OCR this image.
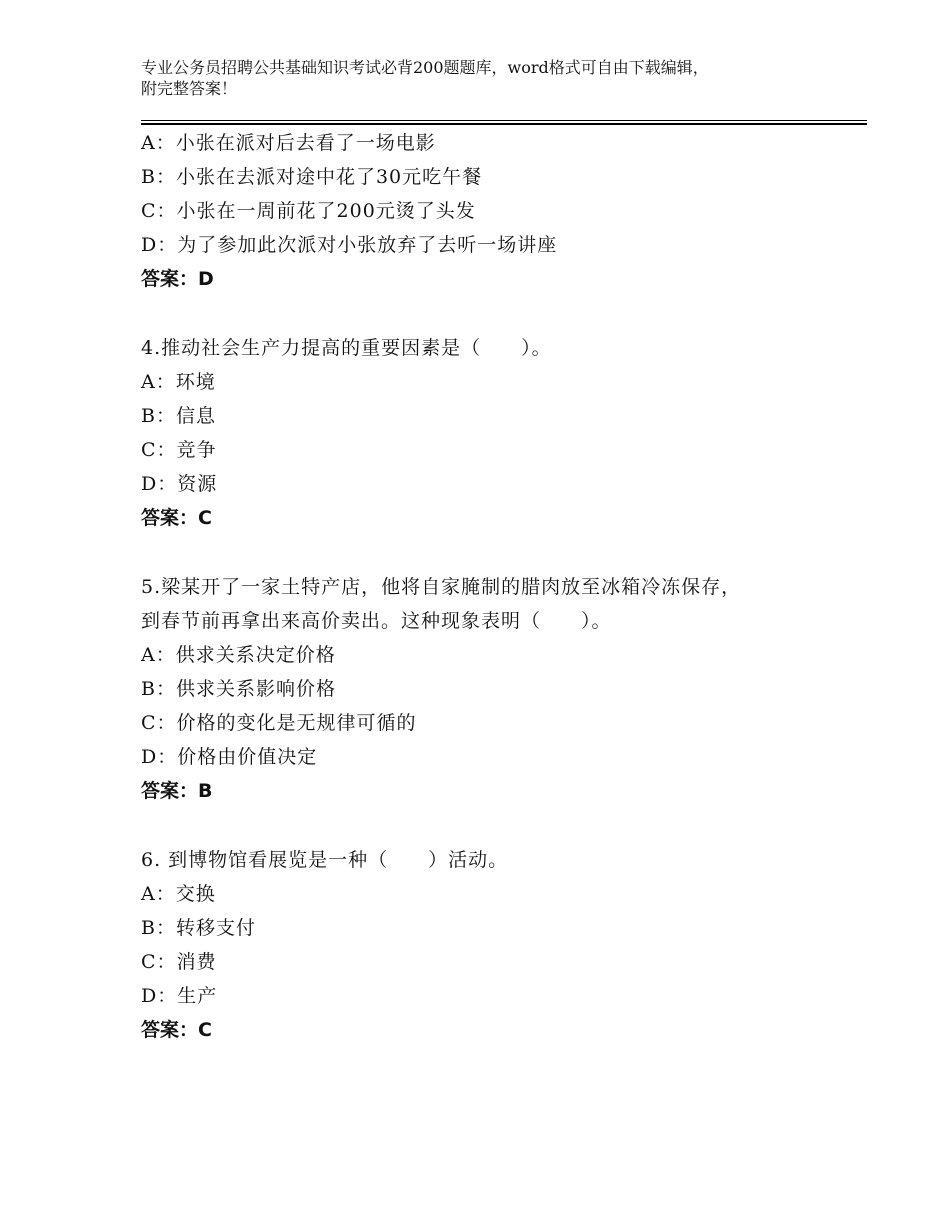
专业公务员招聘公共基础知识考试必背200题题库，word格式可自由下载编辑，
附完整答案！
A：小张在派对后去看了一场电影
B：小张在去派对途中花了30元吃午餐
C：小张在一周前花了200元烫了头发
D：为了参加此次派对小张放弃了去听一场讲座
答案：D
4.推动社会生产力提高的重要因素是（　　）。
A：环境
B：信息
C：竞争
D：资源
答案：C
5.梁某开了一家土特产店，他将自家腌制的腊肉放至冰箱冷冻保存，
到春节前再拿出来高价卖出。这种现象表明（　　）。
A：供求关系决定价格
B：供求关系影响价格
C：价格的变化是无规律可循的
D：价格由价值决定
答案：B
6. 到博物馆看展览是一种（　　）活动。
A：交换
B：转移支付
C：消费
D：生产
答案：C
